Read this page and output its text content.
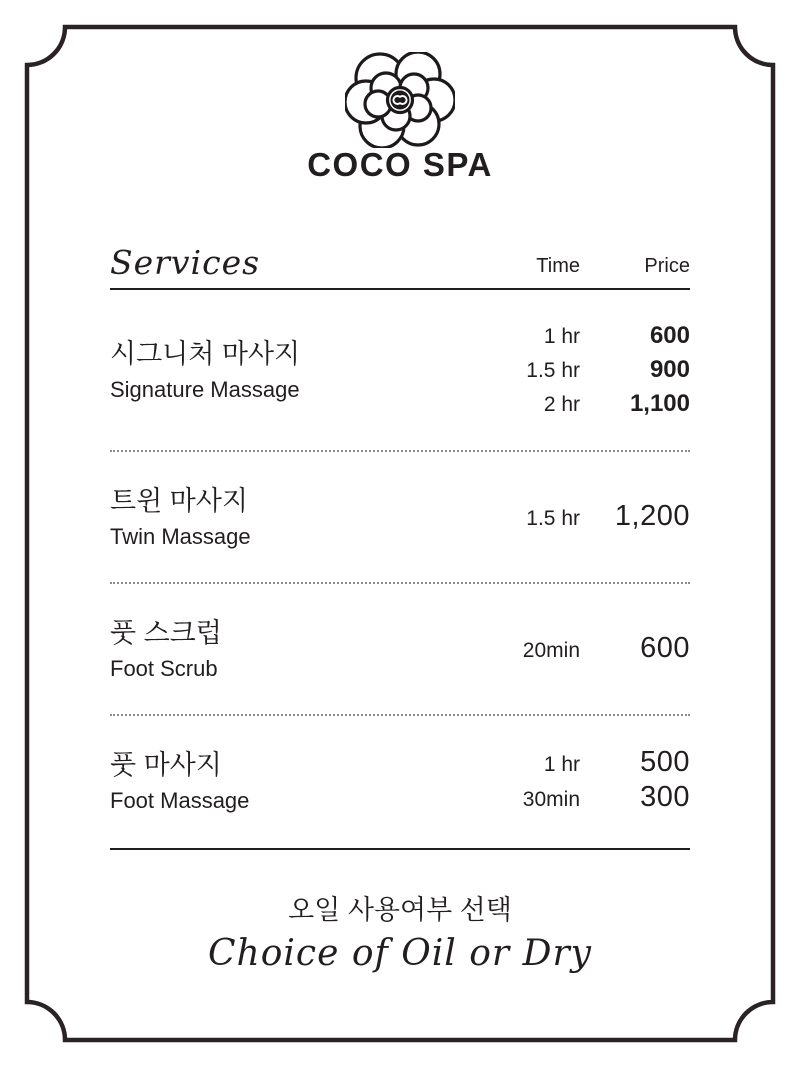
COCO SPA
Services	Time	Price
시그니처 마사지
Signature Massage
1 hr	600
1.5 hr	900
2 hr	1,100
트윈 마사지
Twin Massage
1.5 hr	1,200
풋 스크럽
Foot Scrub
20min	600
풋 마사지
Foot Massage
1 hr	500
30min	300
오일 사용여부 선택
Choice of Oil or Dry
